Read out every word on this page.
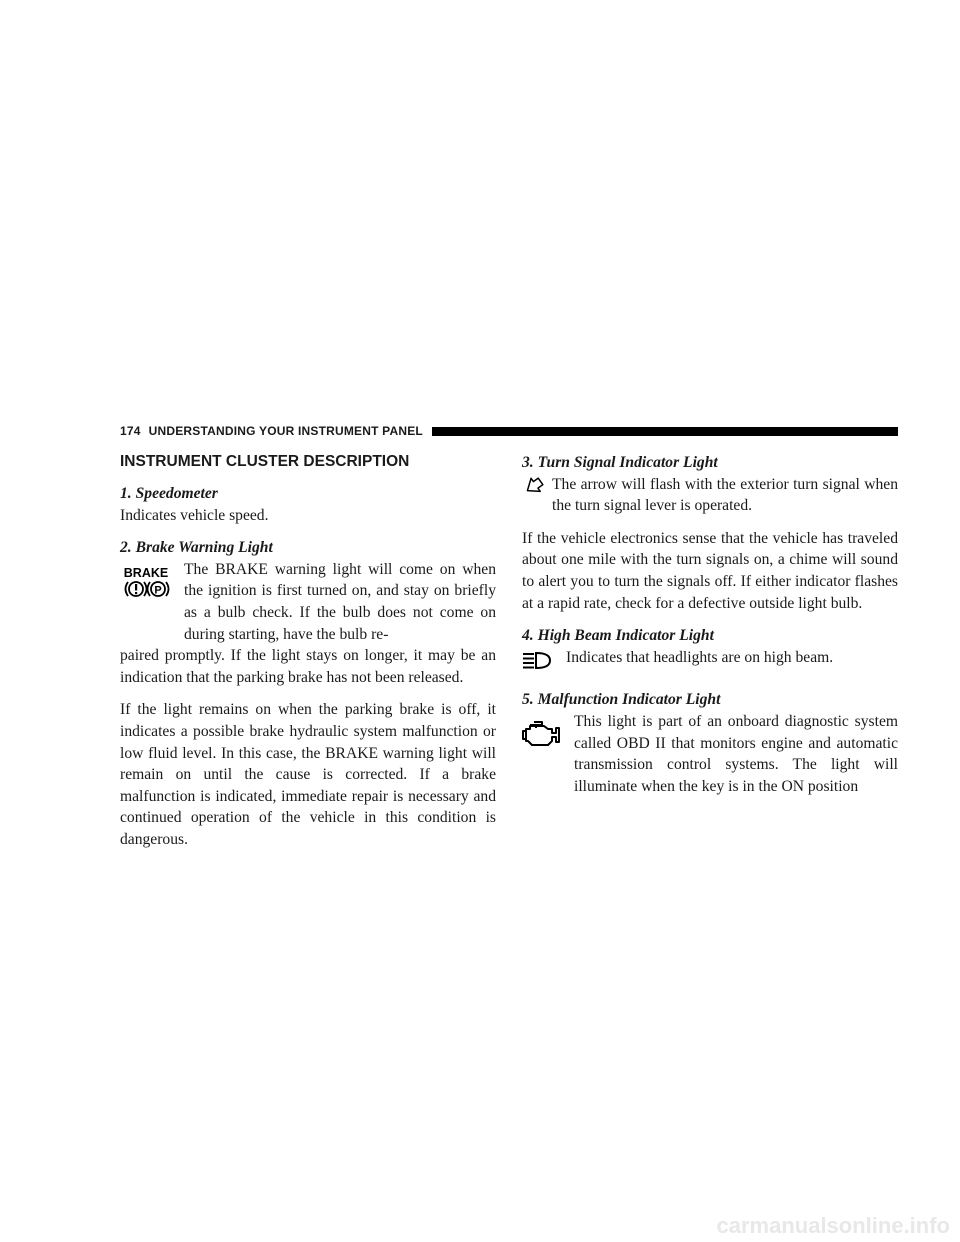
174 UNDERSTANDING YOUR INSTRUMENT PANEL
INSTRUMENT CLUSTER DESCRIPTION
1. Speedometer

Indicates vehicle speed.

2. Brake Warning Light
BRAKE
P

The BRAKE warning light will come on when the ignition is first turned on, and stay on briefly as a bulb check. If the bulb does not come on during starting, have the bulb re-

paired promptly. If the light stays on longer, it may be an indication that the parking brake has not been released.

If the light remains on when the parking brake is off, it indicates a possible brake hydraulic system malfunction or low fluid level. In this case, the BRAKE warning light will remain on until the cause is corrected. If a brake malfunction is indicated, immediate repair is necessary and continued operation of the vehicle in this condition is dangerous.

3. Turn Signal Indicator Light

The arrow will flash with the exterior turn signal when the turn signal lever is operated.

If the vehicle electronics sense that the vehicle has traveled about one mile with the turn signals on, a chime will sound to alert you to turn the signals off. If either indicator flashes at a rapid rate, check for a defective outside light bulb.

4. High Beam Indicator Light

Indicates that headlights are on high beam.

5. Malfunction Indicator Light

This light is part of an onboard diagnostic system called OBD II that monitors engine and automatic transmission control systems. The light will illuminate when the key is in the ON position

carmanualsonline.info
